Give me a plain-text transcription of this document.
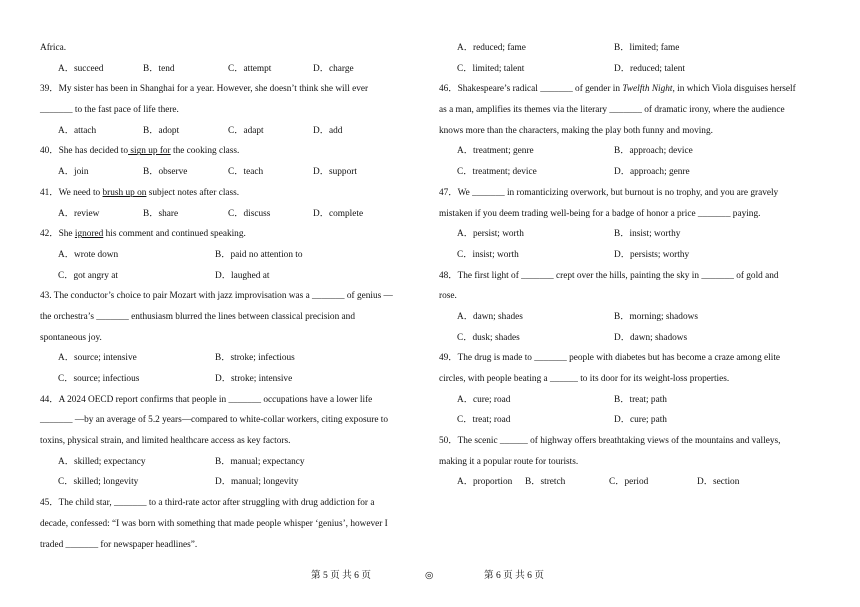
Africa.
A．succeed	B．tend	C．attempt	D．charge
39．My sister has been in Shanghai for a year. However, she doesn’t think she will ever
_______ to the fast pace of life there.
A．attach	B．adopt	C．adapt	D．add
40．She has decided to sign up for the cooking class.
A．join	B．observe	C．teach	D．support
41．We need to brush up on subject notes after class.
A．review	B．share	C．discuss	D．complete
42．She ignored his comment and continued speaking.
A．wrote down	B．paid no attention to
C．got angry at	D．laughed at
43. The conductor’s choice to pair Mozart with jazz improvisation was a _______ of genius —
the orchestra’s _______ enthusiasm blurred the lines between classical precision and
spontaneous joy.
A．source; intensive	B．stroke; infectious
C．source; infectious	D．stroke; intensive
44．A 2024 OECD report confirms that people in _______ occupations have a lower life
_______ —by an average of 5.2 years—compared to white-collar workers, citing exposure to
toxins, physical strain, and limited healthcare access as key factors.
A．skilled; expectancy	B．manual; expectancy
C．skilled; longevity	D．manual; longevity
45．The child star, _______ to a third-rate actor after struggling with drug addiction for a
decade, confessed: “I was born with something that made people whisper ‘genius’, however I
traded _______ for newspaper headlines”.
A．reduced; fame	B．limited; fame
C．limited; talent	D．reduced; talent
46．Shakespeare’s radical _______ of gender in Twelfth Night, in which Viola disguises herself
as a man, amplifies its themes via the literary _______ of dramatic irony, where the audience
knows more than the characters, making the play both funny and moving.
A．treatment; genre	B．approach; device
C．treatment; device	D．approach; genre
47．We _______ in romanticizing overwork, but burnout is no trophy, and you are gravely
mistaken if you deem trading well-being for a badge of honor a price _______ paying.
A．persist; worth	B．insist; worthy
C．insist; worth	D．persists; worthy
48．The first light of _______ crept over the hills, painting the sky in _______ of gold and
rose.
A．dawn; shades	B．morning; shadows
C．dusk; shades	D．dawn; shadows
49．The drug is made to _______ people with diabetes but has become a craze among elite
circles, with people beating a ______ to its door for its weight-loss properties.
A．cure; road	B．treat; path
C．treat; road	D．cure; path
50．The scenic ______ of highway offers breathtaking views of the mountains and valleys,
making it a popular route for tourists.
A．proportion	B．stretch	C．period	D．section
第 5 页 共 6 页	◎	第 6 页 共 6 页
